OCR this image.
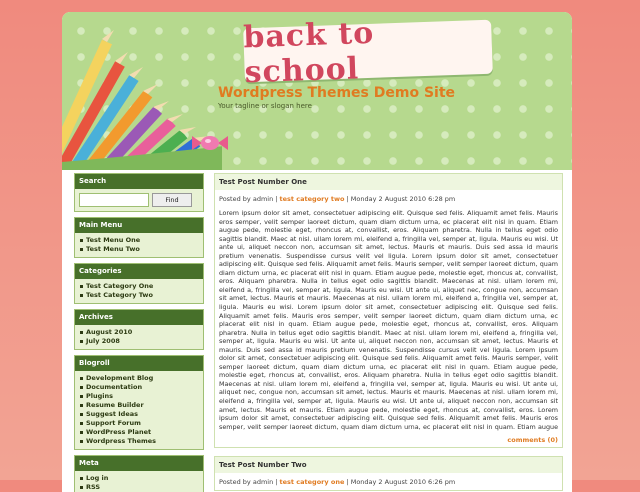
back to school
Wordpress Themes Demo Site
Your tagline or slogan here
Search
Find
Main Menu
Test Menu One
Test Menu Two
Categories
Test Category One
Test Category Two
Archives
August 2010
July 2008
Blogroll
Development Blog
Documentation
Plugins
Resume Builder
Suggest Ideas
Support Forum
WordPress Planet
Wordpress Themes
Meta
Log in
RSS
Test Post Number One
Posted by admin | test category two | Monday 2 August 2010 6:28 pm
Lorem ipsum dolor sit amet, consectetuer adipiscing elit. Quisque sed felis. Aliquamit amet felis. Mauris eros semper, velit semper laoreet dictum, quam diam dictum urna, ec placerat elit nisl in quam. Etiam augue pede, molestie eget, rhoncus at, convallist, eros. Aliquam pharetra. Nulla in tellus eget odio sagittis blandit. Maec at nisl. ullam lorem mi, eleifend a, fringilla vel, semper at, ligula. Mauris eu wisi. Ut ante ui, aliquet neccon non, accumsan sit amet, lectus. Mauris et mauris. Duis sed assa id mauris pretium venenatis. Suspendisse cursus velit vel ligula. Lorem ipsum dolor sit amet, consectetuer adipiscing elit. Quisque sed felis. Aliquamit amet felis. Mauris semper, velit semper laoreet dictum, quam diam dictum urna, ec placerat elit nisl in quam. Etiam augue pede, molestie eget, rhoncus at, convallist, eros. Aliquam pharetra. Nulla in tellus eget odio sagittis blandit. Maecenas at nisl. ullam lorem mi, eleifend a, fringilla vel, semper at, ligula. Mauris eu wisi. Ut ante ui, aliquet nec, congue non, accumsan sit amet, lectus. Mauris et mauris. Maecenas at nisl. ullam lorem mi, eleifend a, fringilla vel, semper at, ligula. Mauris eu wisi. Lorem ipsum dolor sit amet, consectetuer adipiscing elit. Quisque sed felis. Aliquamit amet felis. Mauris eros semper, velit semper laoreet dictum, quam diam dictum urna, ec placerat elit nisl in quam. Etiam augue pede, molestie eget, rhoncus at, convallist, eros. Aliquam pharetra. Nulla in tellus eget odio sagittis blandit. Maec at nisl. ullam lorem mi, eleifend a, fringilla vel, semper at, ligula. Mauris eu wisi. Ut ante ui, aliquet neccon non, accumsan sit amet, lectus. Mauris et mauris. Duis sed assa id mauris pretium venenatis. Suspendisse cursus velit vel ligula. Lorem ipsum dolor sit amet, consectetuer adipiscing elit. Quisque sed felis. Aliquamit amet felis. Mauris semper, velit semper laoreet dictum, quam diam dictum urna, ec placerat elit nisl in quam. Etiam augue pede, molestie eget, rhoncus at, convallist, eros. Aliquam pharetra. Nulla in tellus eget odio sagittis blandit. Maecenas at nisl. ullam lorem mi, eleifend a, fringilla vel, semper at, ligula. Mauris eu wisi. Ut ante ui, aliquet nec, congue non, accumsan sit amet, lectus. Mauris et mauris. Maecenas at nisl. ullam lorem mi, eleifend a, fringilla vel, semper at, ligula. Mauris eu wisi. Ut ante ui, aliquet neccon non, accumsan sit amet, lectus. Mauris et mauris. Etiam augue pede, molestie eget, rhoncus at, convallist, eros. Lorem ipsum dolor sit amet, consectetuer adipiscing elit. Quisque sed felis. Aliquamit amet felis. Mauris eros semper, velit semper laoreet dictum, quam diam dictum urna, ec placerat elit nisl in quam. Etiam augue
comments (0)
Test Post Number Two
Posted by admin | test category one | Monday 2 August 2010 6:26 pm
